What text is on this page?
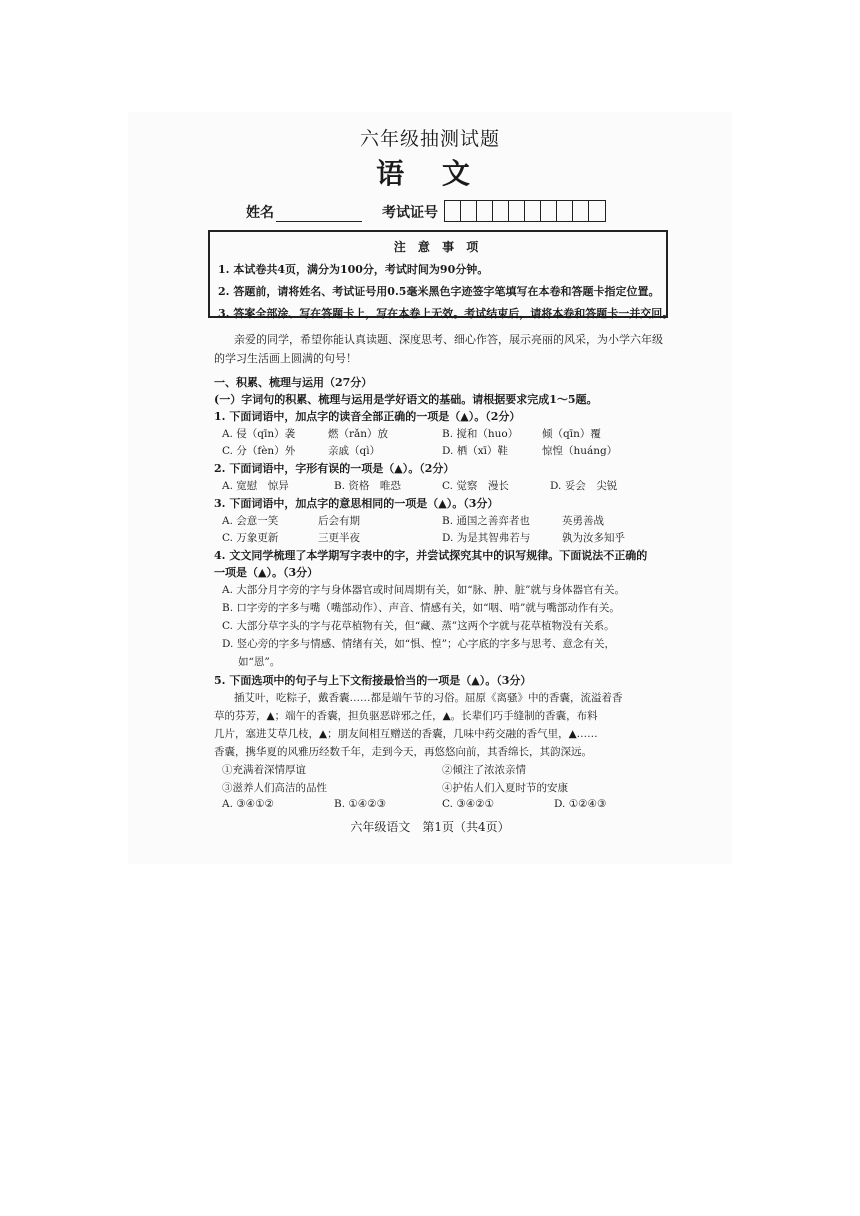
六年级抽测试题
语 文
姓名	考试证号
注 意 事 项
1. 本试卷共4页，满分为100分，考试时间为90分钟。
2. 答题前，请将姓名、考试证号用0.5毫米黑色字迹签字笔填写在本卷和答题卡指定位置。
3. 答案全部涂、写在答题卡上，写在本卷上无效。考试结束后，请将本卷和答题卡一并交回。

亲爱的同学，希望你能认真读题、深度思考、细心作答，展示亮丽的风采，为小学六年级的学习生活画上圆满的句号！

一、积累、梳理与运用（27分）
(一）字词句的积累、梳理与运用是学好语文的基础。请根据要求完成1～5题。
1. 下面词语中，加点字的读音全部正确的一项是（▲）。（2分）
A. 侵（qīn）袭	燃（rǎn）放	B. 搅和（huo） 倾（qīn）覆
C. 分（fèn）外	亲戚（qì）	D. 栖（xī）鞋	惊惶（huáng）
2. 下面词语中，字形有误的一项是（▲）。（2分）
A. 宽慰　惊异	B. 资格　唯恐	C. 觉察　漫长	D. 妥会　尖锐
3. 下面词语中，加点字的意思相同的一项是（▲）。（3分）
A. 会意一笑	后会有期	B. 通国之善弈者也	英勇善战
C. 万象更新	三更半夜	D. 为是其智弗若与	孰为汝多知乎
4. 文文同学梳理了本学期写字表中的字，并尝试探究其中的识写规律。下面说法不正确的
一项是（▲）。（3分）
A. 大部分月字旁的字与身体器官或时间周期有关，如“脉、肿、脏”就与身体器官有关。
B. 口字旁的字多与嘴（嘴部动作）、声音、情感有关，如“咽、啃”就与嘴部动作有关。
C. 大部分草字头的字与花草植物有关，但“藏、蒸”这两个字就与花草植物没有关系。
D. 竖心旁的字多与情感、情绪有关，如“惧、惶”；心字底的字多与思考、意念有关，
如“恩”。
5. 下面选项中的句子与上下文衔接最恰当的一项是（▲）。（3分）
插艾叶，吃粽子，戴香囊……都是端午节的习俗。屈原《离骚》中的香囊，流溢着香
草的芬芳，▲；端午的香囊，担负驱恶辟邪之任，▲。长辈们巧手缝制的香囊，布料
几片，塞进艾草几枝，▲；朋友间相互赠送的香囊，几味中药交融的香气里，▲……
香囊，携华夏的风雅历经数千年，走到今天，再悠悠向前，其香绵长，其韵深远。
①充满着深情厚谊	②倾注了浓浓亲情
③滋养人们高洁的品性	④护佑人们入夏时节的安康
A. ③④①②	B. ①④②③	C. ③④②①	D. ①②④③
六年级语文　第1页（共4页）
